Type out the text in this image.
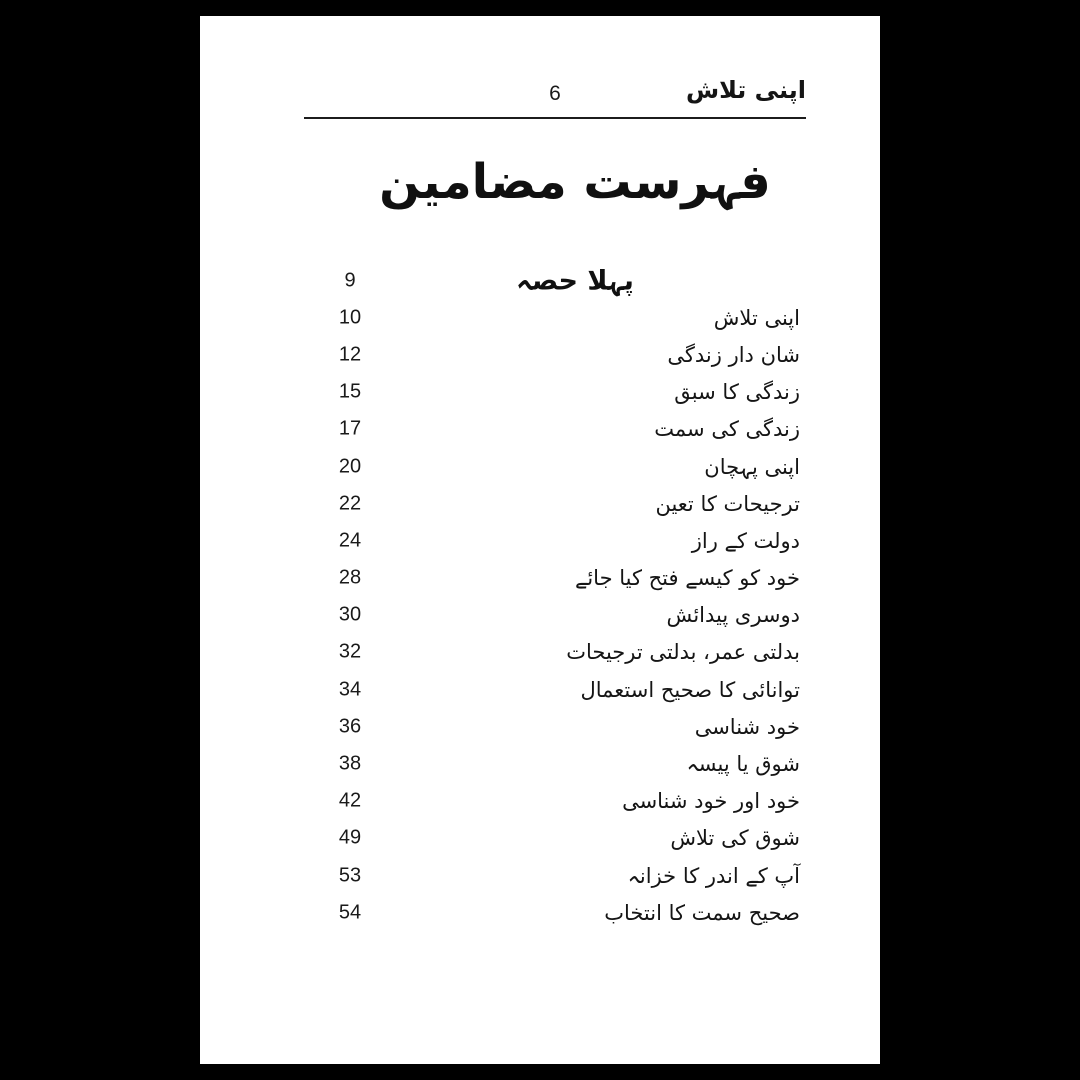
اپنی تلاش
6
فہرست مضامین
9	پہلا حصہ
10	اپنی تلاش
12	شان دار زندگی
15	زندگی کا سبق
17	زندگی کی سمت
20	اپنی پہچان
22	ترجیحات کا تعین
24	دولت کے راز
28	خود کو کیسے فتح کیا جائے
30	دوسری پیدائش
32	بدلتی عمر، بدلتی ترجیحات
34	توانائی کا صحیح استعمال
36	خود شناسی
38	شوق یا پیسہ
42	خود اور خود شناسی
49	شوق کی تلاش
53	آپ کے اندر کا خزانہ
54	صحیح سمت کا انتخاب
